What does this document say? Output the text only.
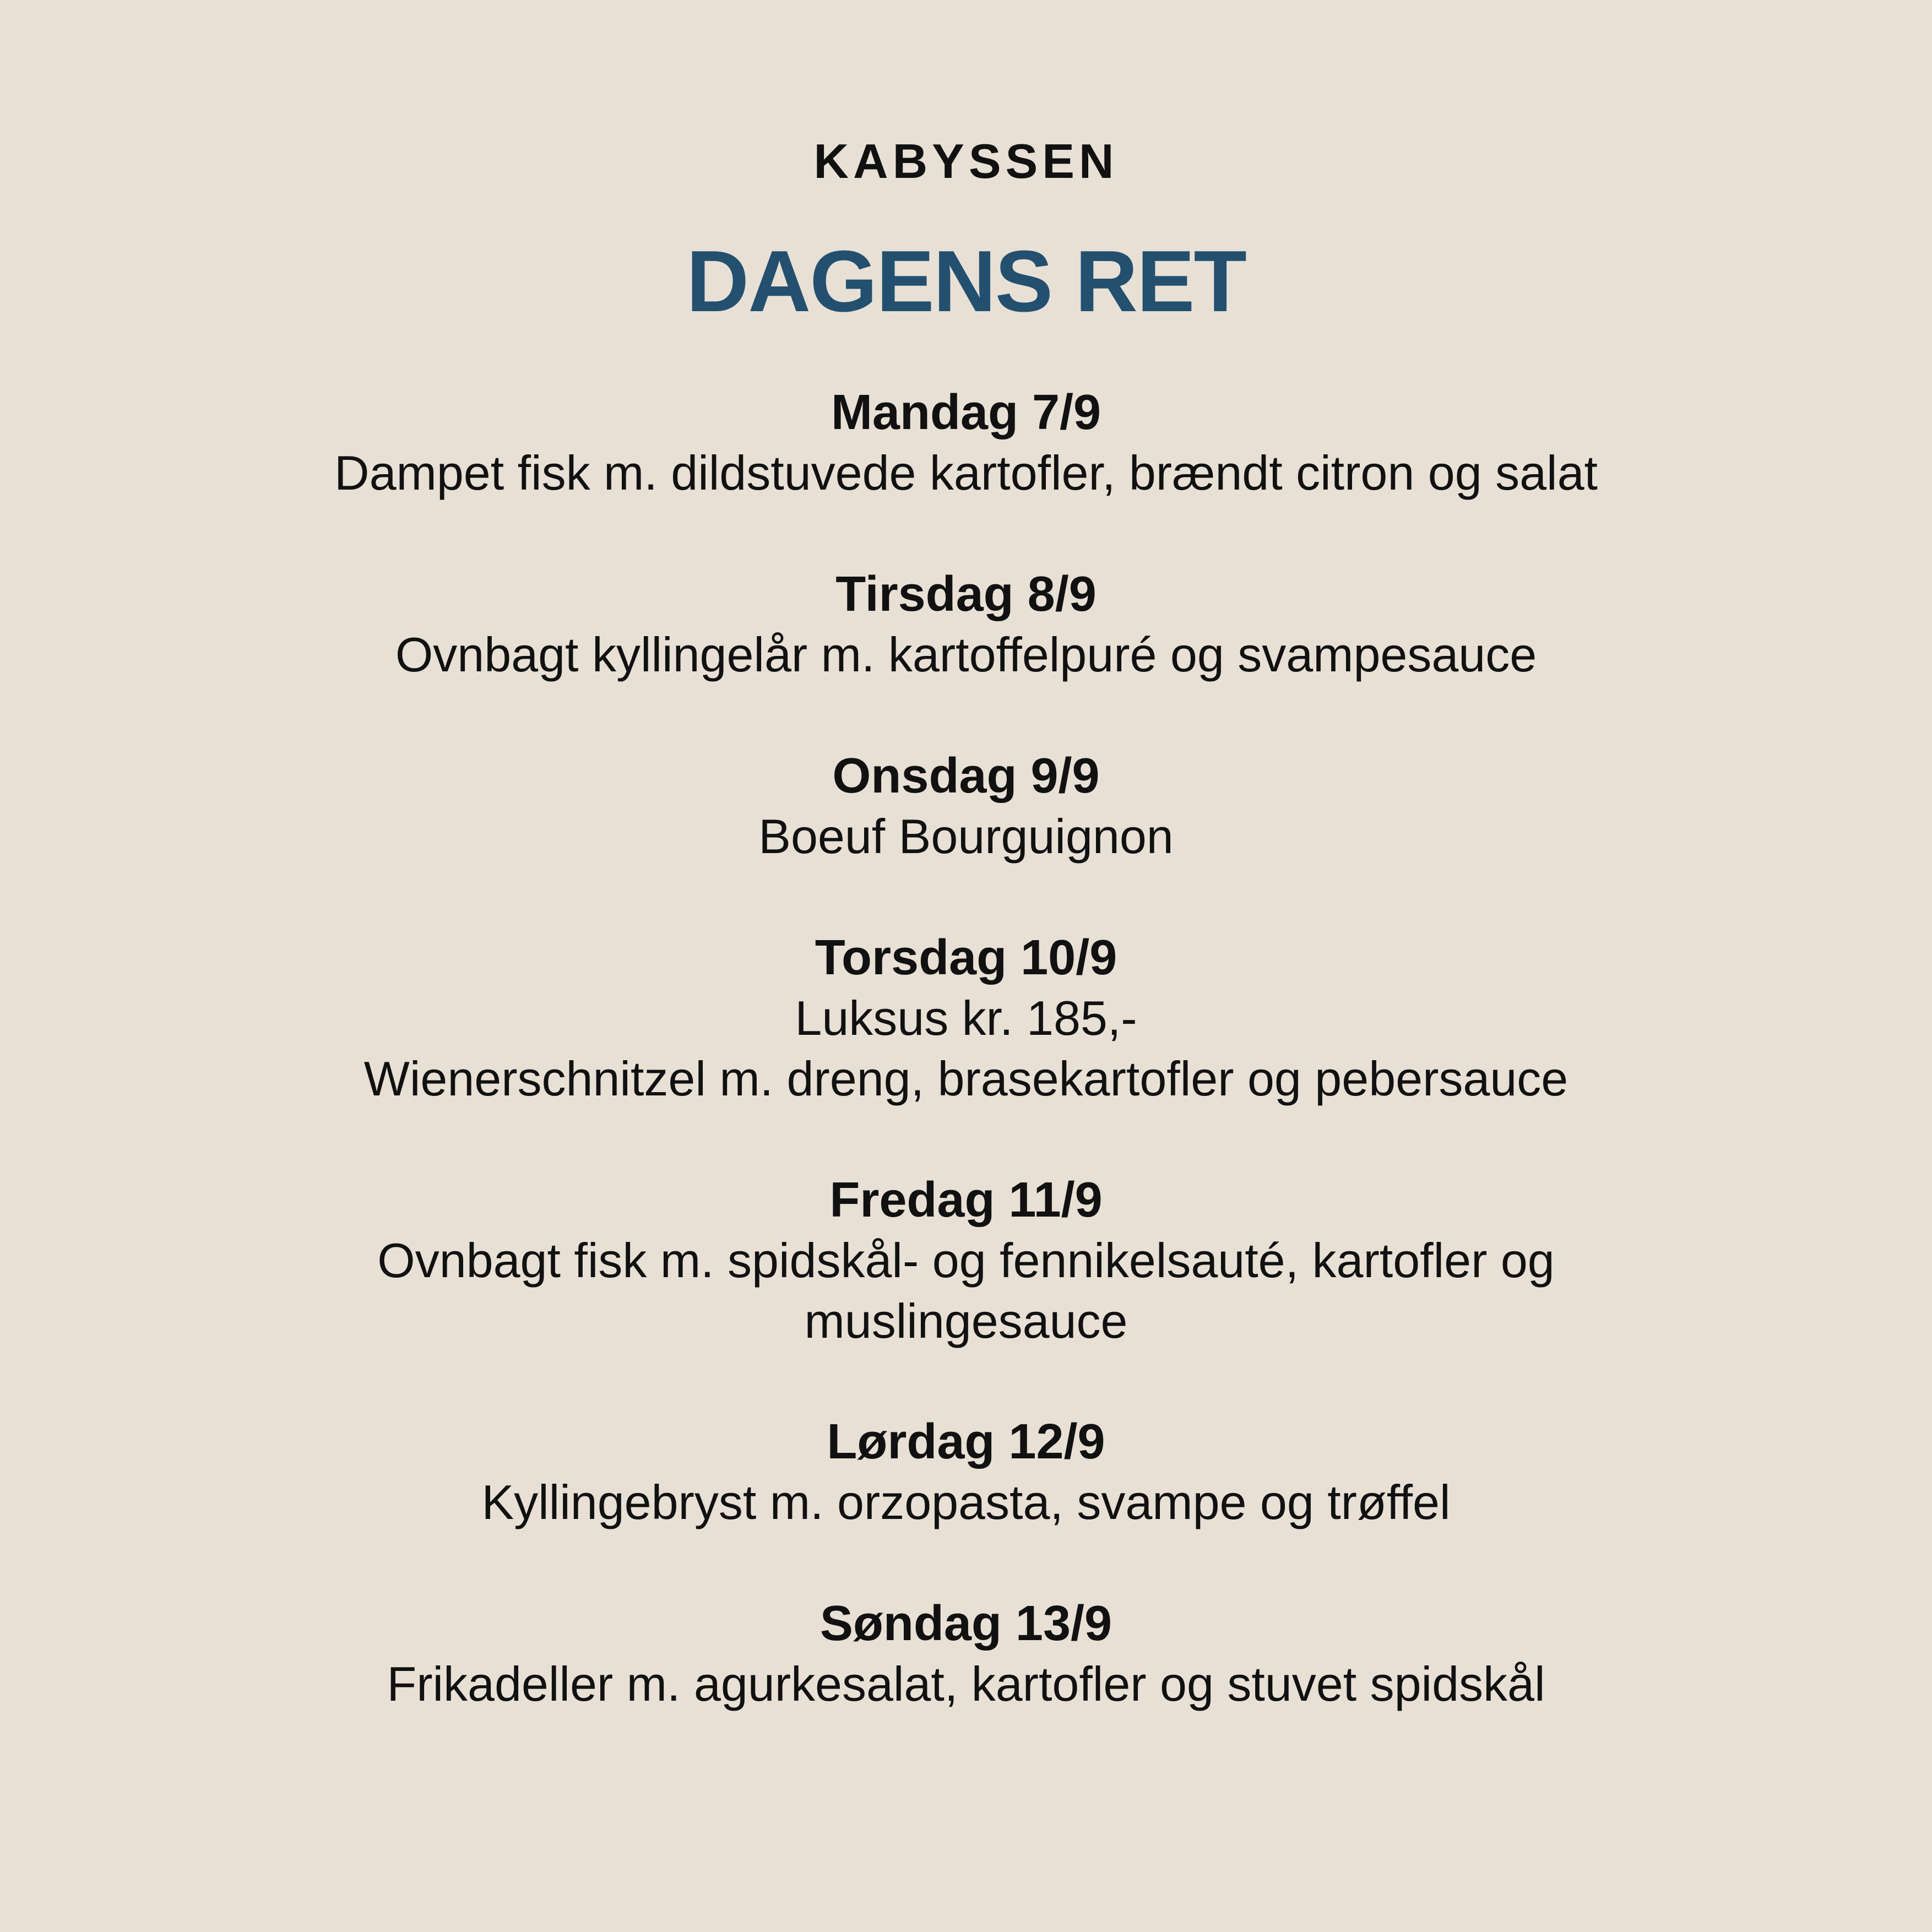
KABYSSEN
DAGENS RET
Mandag 7/9
Dampet fisk m. dildstuvede kartofler, brændt citron og salat
Tirsdag 8/9
Ovnbagt kyllingelår m. kartoffelpuré og svampesauce
Onsdag 9/9
Boeuf Bourguignon
Torsdag 10/9
Luksus kr. 185,-
Wienerschnitzel m. dreng, brasekartofler og pebersauce
Fredag 11/9
Ovnbagt fisk m. spidskål- og fennikelsauté, kartofler og
muslingesauce
Lørdag 12/9
Kyllingebryst m. orzopasta, svampe og trøffel
Søndag 13/9
Frikadeller m. agurkesalat, kartofler og stuvet spidskål
